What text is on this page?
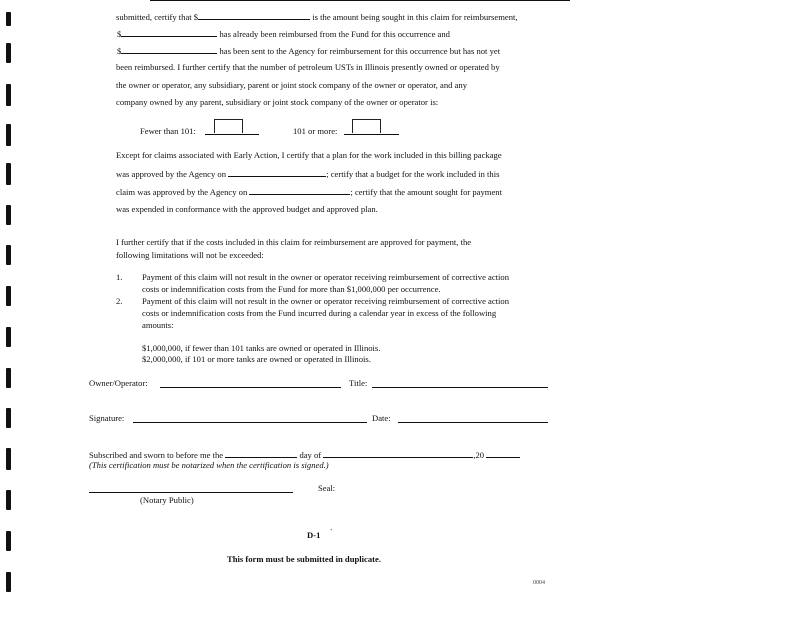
submitted, certify that $	is the amount being sought in this claim for reimbursement,
$	has already been reimbursed from the Fund for this occurrence and
$	has been sent to the Agency for reimbursement for this occurrence but has not yet
been reimbursed. I further certify that the number of petroleum USTs in Illinois presently owned or operated by
the owner or operator, any subsidiary, parent or joint stock company of the owner or operator, and any
company owned by any parent, subsidiary or joint stock company of the owner or operator is:
Fewer than 101:	101 or more:
Except for claims associated with Early Action, I certify that a plan for the work included in this billing package
was approved by the Agency on	; certify that a budget for the work included in this
claim was approved by the Agency on	; certify that the amount sought for payment
was expended in conformance with the approved budget and approved plan.
I further certify that if the costs included in this claim for reimbursement are approved for payment, the
following limitations will not be exceeded:
1. Payment of this claim will not result in the owner or operator receiving reimbursement of corrective action
costs or indemnification costs from the Fund for more than $1,000,000 per occurrence.
2. Payment of this claim will not result in the owner or operator receiving reimbursement of corrective action
costs or indemnification costs from the Fund incurred during a calendar year in excess of the following
amounts:
$1,000,000, if fewer than 101 tanks are owned or operated in Illinois.
$2,000,000, if 101 or more tanks are owned or operated in Illinois.
Owner/Operator:	Title:
Signature:	Date:
Subscribed and sworn to before me the	day of	,20
(This certification must be notarized when the certification is signed.)
Seal:
(Notary Public)
D-1 `
This form must be submitted in duplicate.
0004
